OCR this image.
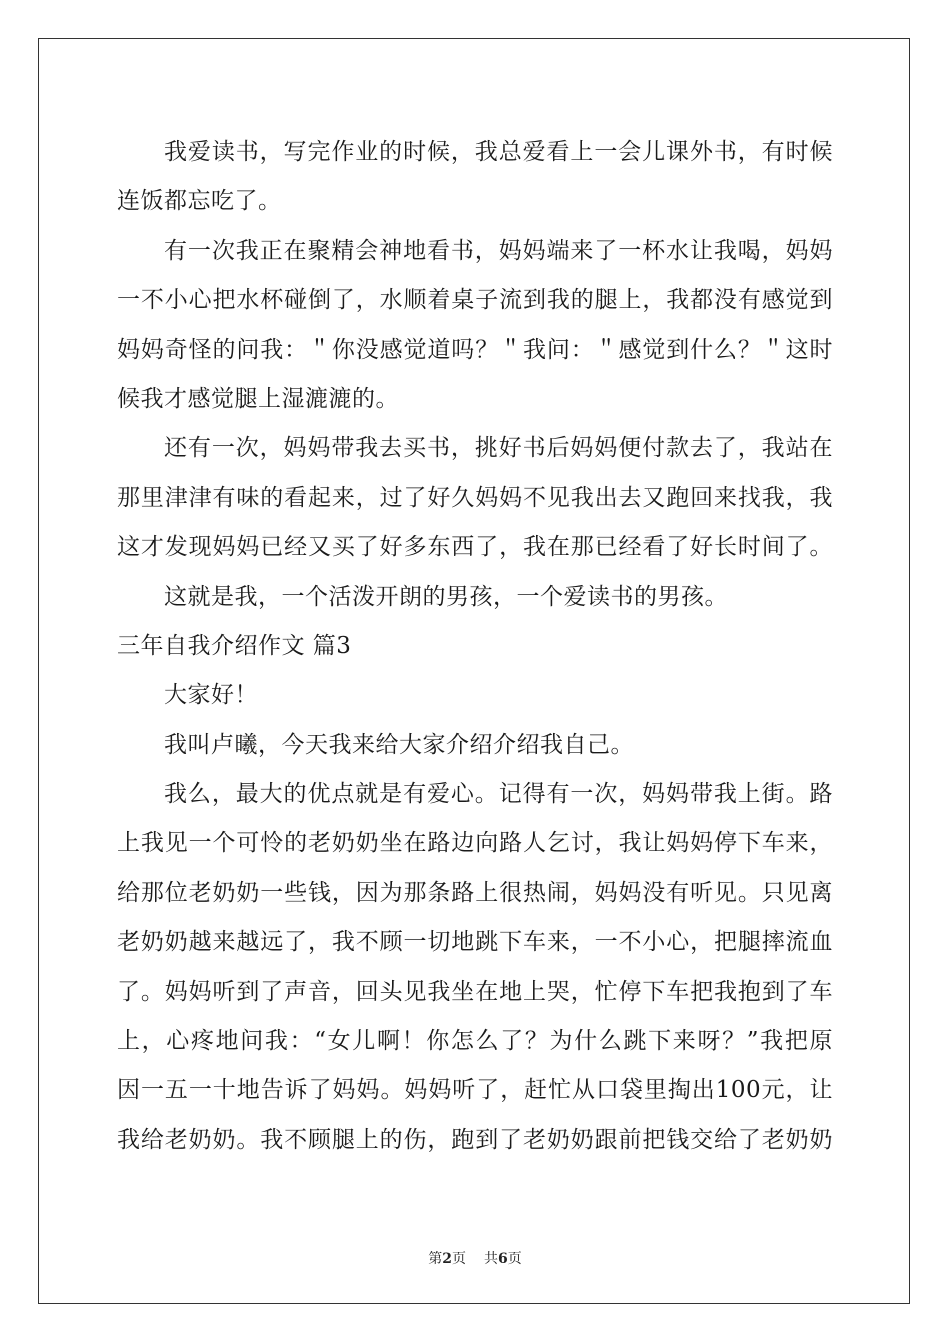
我爱读书，写完作业的时候，我总爱看上一会儿课外书，有时候
连饭都忘吃了。
有一次我正在聚精会神地看书，妈妈端来了一杯水让我喝，妈妈
一不小心把水杯碰倒了，水顺着桌子流到我的腿上，我都没有感觉到
妈妈奇怪的问我：＂你没感觉道吗？＂我问：＂感觉到什么？＂这时
候我才感觉腿上湿漉漉的。
还有一次，妈妈带我去买书，挑好书后妈妈便付款去了，我站在
那里津津有味的看起来，过了好久妈妈不见我出去又跑回来找我，我
这才发现妈妈已经又买了好多东西了，我在那已经看了好长时间了。
这就是我，一个活泼开朗的男孩，一个爱读书的男孩。
三年自我介绍作文 篇3
大家好！
我叫卢曦，今天我来给大家介绍介绍我自己。
我么，最大的优点就是有爱心。记得有一次，妈妈带我上街。路
上我见一个可怜的老奶奶坐在路边向路人乞讨，我让妈妈停下车来，
给那位老奶奶一些钱，因为那条路上很热闹，妈妈没有听见。只见离
老奶奶越来越远了，我不顾一切地跳下车来，一不小心，把腿摔流血
了。妈妈听到了声音，回头见我坐在地上哭，忙停下车把我抱到了车
上，心疼地问我：“女儿啊！你怎么了？为什么跳下来呀？”我把原
因一五一十地告诉了妈妈。妈妈听了，赶忙从口袋里掏出100元，让
我给老奶奶。我不顾腿上的伤，跑到了老奶奶跟前把钱交给了老奶奶
第2页 共6页
